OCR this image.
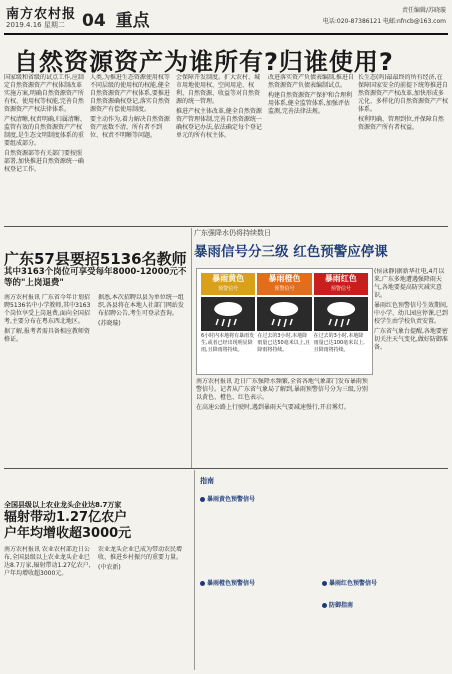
南方农村报
2019.4.16 星期二 04 重点
责任编辑/苏晓璇
电话:020-87386121 电邮:nfncb@163.com
自然资源资产为谁所有?归谁使用?

国家级和省级的试点工作,应制定自然资源资产产权体制改革实施方案,明确自然资源资产所有权、使用权等权能,完善自然资源资产产权法律体系。

产权清晰,权责明确,归属清晰、监管有效的自然资源资产产权制度,是生态文明制度体系的重要组成部分。

自然资源部等有关部门要按照部署,加快推进自然资源统一确权登记工作。

人类,为推进生态资源使用权等不同层级的使用权的权能,健全自然资源资产产权体系,要推进自然资源确权登记,落实自然资源资产有偿使用制度。

要主动作为,着力解决自然资源资产底数不清、所有者不到位、权责不明晰等问题。

会保障开发制度。扩大农村、城市用地使用权、空间用途、权利、自然资源、收益等对自然资源的统一管理。

推进产权主体改革,健全自然资源资产管理体制,完善自然资源统一确权登记办法,依法确定每个登记单元的所有权主体。

改进落实资产负债表编制,推进自然资源资产负债表编制试点。

构建自然资源资产保护和合理利用体系,健全监管体系,加强评估监测,完善法律法规。

长生态(吗)最最终的所有经济,在保障国家安全的前提下统筹推进自然资源资产产权改革,加快形成多元化、多样化的自然资源资产产权体系。

权利明确、管理到位,并保障自然资源资产所有者权益。

广东57县要招5136名教师
其中3163个岗位可享受每年8000-12000元不等的"上岗退费"

南方农村报讯 广东省今年计划招聘5136名中小学教师,其中3163个岗位享受上岗退费,面向全国招考,主要分布在粤东西北地区。

据了解,报考者需具备相应教师资格证。

据悉,本次招聘以县为单位统一组织,各县将在本地人社部门网站发布招聘公告,考生可登录查询。

(苏晓璇)

广东强降水仍将持续数日
暴雨信号分三级 红色预警应停课
暴雨黄色
预警信号
暴雨橙色
预警信号
暴雨红色
预警信号
6小时内本地将有暴雨发生,或者已经出现明显降雨,且降雨将持续。
在过去的3小时,本地降雨量已达50毫米以上,且降雨将持续。
在过去的3小时,本地降雨量已达100毫米以上,且降雨将持续。

(侯泳静)据新华社电,4月以来,广东多地遭遇强降雨天气,各地要提高防灾减灾意识。

暴雨红色预警信号生效期间,中小学、幼儿园应停课,已到校学生由学校负责安置。

广东省气象台提醒,各地要密切关注天气变化,做好防御准备。

南方农村报讯 近日广东强降水频繁,全省各地气象部门发布暴雨预警信号。记者从广东省气象局了解到,暴雨预警信号分为三级,分别以黄色、橙色、红色表示。

在高速公路上行驶时,遇到暴雨天气要减速慢行,开启雾灯。

全国县级以上农业龙头企业达8.7万家
辐射带动1.27亿农户
户年均增收超3000元

南方农村报讯 农业农村部近日公布,全国县级以上农业龙头企业已达8.7万家,辐射带动1.27亿农户,户年均增收超3000元。

农业龙头企业已成为带动农民增收、推进乡村振兴的重要力量。

(中农新)

指南
暴雨黄色预警信号
暴雨橙色预警信号	暴雨红色预警信号
防御指南
